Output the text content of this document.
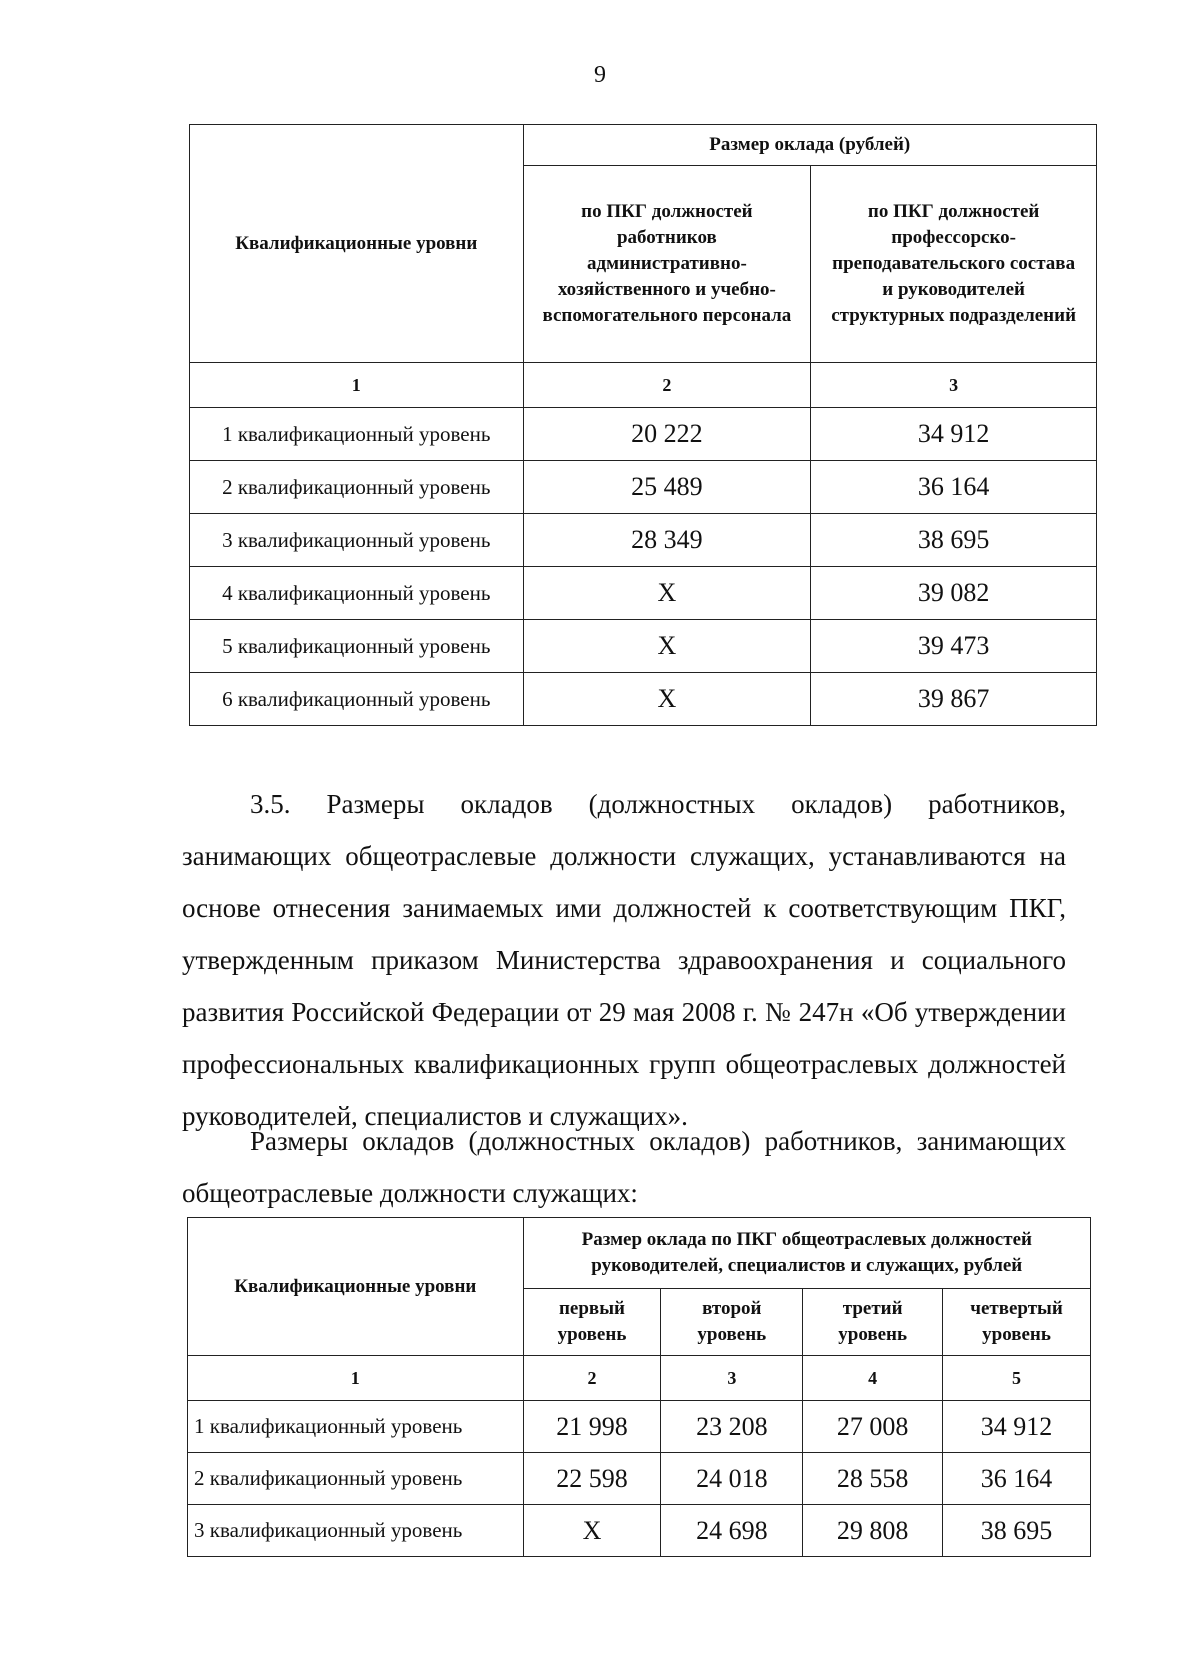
9
Квалификационные уровни	Размер оклада (рублей)	
	по ПКГ должностей работников административно-хозяйственного и учебно-вспомогательного персонала	по ПКГ должностей профессорско-преподавательского состава и руководителей структурных подразделений
1	2	3
1 квалификационный уровень	20 222	34 912
2 квалификационный уровень	25 489	36 164
3 квалификационный уровень	28 349	38 695
4 квалификационный уровень	X	39 082
5 квалификационный уровень	X	39 473
6 квалификационный уровень	X	39 867

3.5. Размеры окладов (должностных окладов) работников, занимающих общеотраслевые должности служащих, устанавливаются на основе отнесения занимаемых ими должностей к соответствующим ПКГ, утвержденным приказом Министерства здравоохранения и социального развития Российской Федерации от 29 мая 2008 г. № 247н «Об утверждении профессиональных квалификационных групп общеотраслевых должностей руководителей, специалистов и служащих».

Размеры окладов (должностных окладов) работников, занимающих общеотраслевые должности служащих:

Квалификационные уровни	Размер оклада по ПКГ общеотраслевых должностей руководителей, специалистов и служащих, рублей			
	первый уровень	второй уровень	третий уровень	четвертый уровень
1	2	3	4	5
1 квалификационный уровень	21 998	23 208	27 008	34 912
2 квалификационный уровень	22 598	24 018	28 558	36 164
3 квалификационный уровень	X	24 698	29 808	38 695
